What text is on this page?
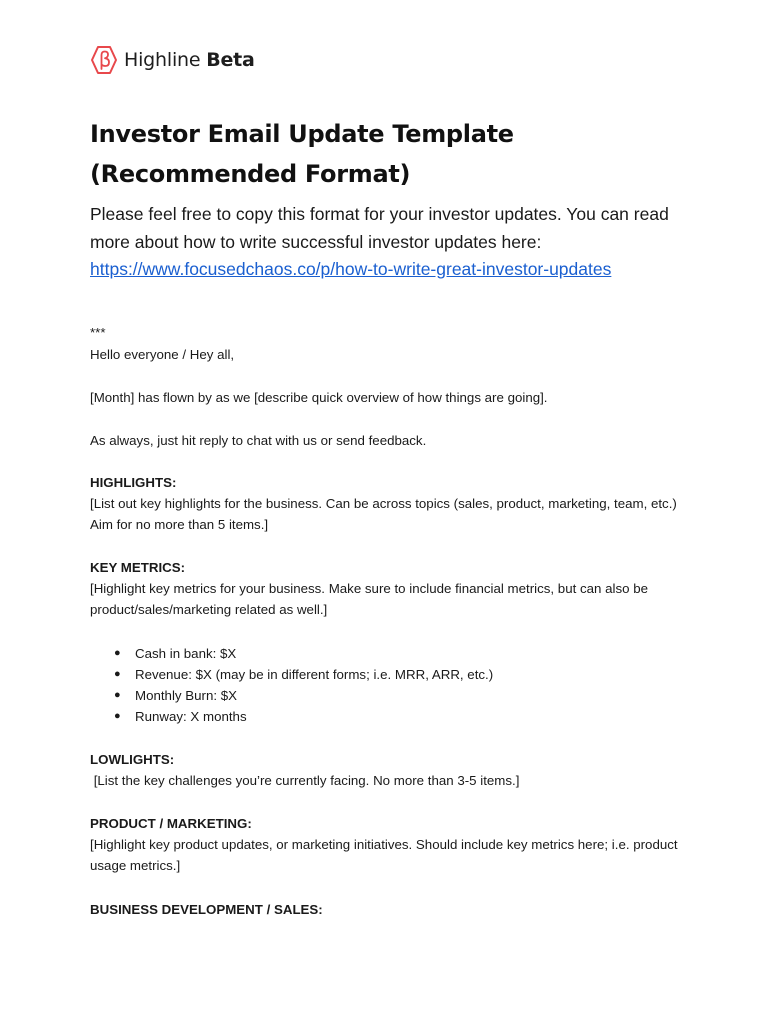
Highline Beta
Investor Email Update Template (Recommended Format)

Please feel free to copy this format for your investor updates. You can read more about how to write successful investor updates here: https://www.focusedchaos.co/p/how-to-write-great-investor-updates

***

Hello everyone / Hey all,

[Month] has flown by as we [describe quick overview of how things are going].

As always, just hit reply to chat with us or send feedback.

HIGHLIGHTS:
[List out key highlights for the business. Can be across topics (sales, product, marketing, team, etc.) Aim for no more than 5 items.]
KEY METRICS:
[Highlight key metrics for your business. Make sure to include financial metrics, but can also be product/sales/marketing related as well.]
● Cash in bank: $X
● Revenue: $X (may be in different forms; i.e. MRR, ARR, etc.)
● Monthly Burn: $X
● Runway: X months
LOWLIGHTS:
[List the key challenges you’re currently facing. No more than 3-5 items.]
PRODUCT / MARKETING:
[Highlight key product updates, or marketing initiatives. Should include key metrics here; i.e. product usage metrics.]
BUSINESS DEVELOPMENT / SALES:
